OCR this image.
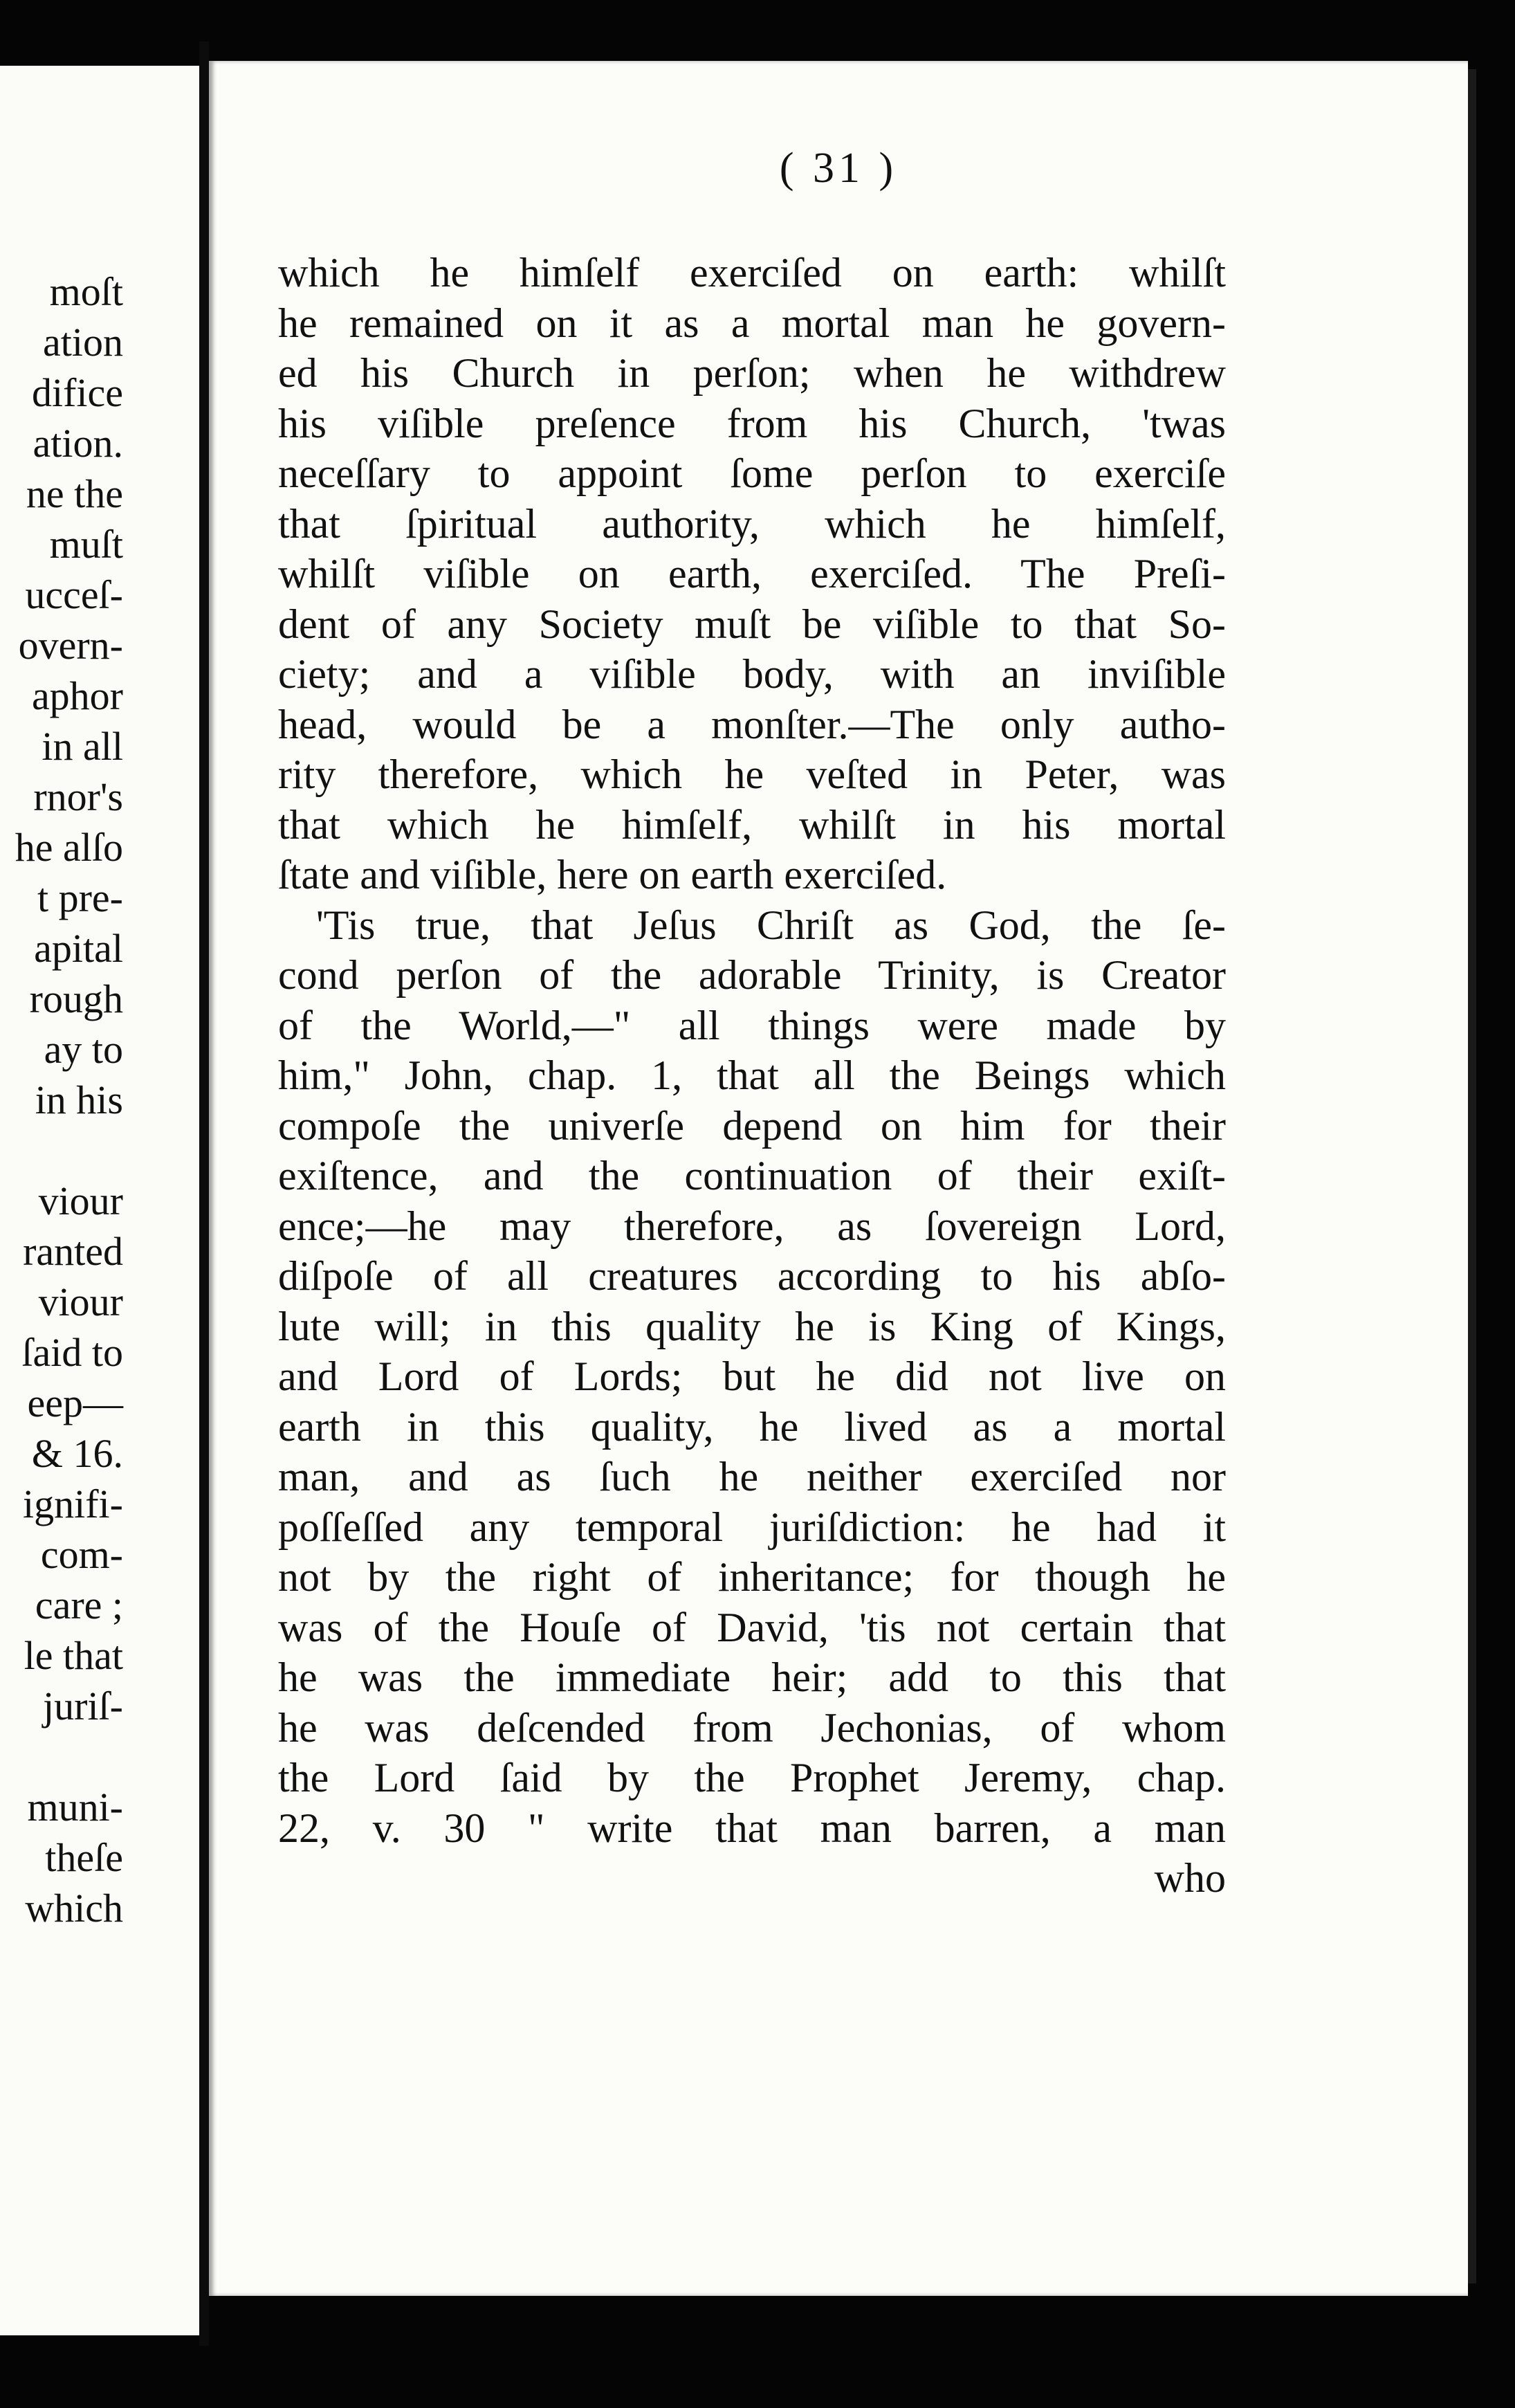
moſt
ation
difice
ation.
ne the
muſt
ucceſ-
overn-
aphor
in all
rnor's
he alſo
t pre-
apital
rough
ay to
in his
viour
ranted
viour
ſaid to
eep—
& 16.
ignifi-
com-
care ;
le that
juriſ-
muni-
theſe
which
( 31 )
which he himſelf exerciſed on earth: whilſt
he remained on it as a mortal man he govern-
ed his Church in perſon; when he withdrew
his viſible preſence from his Church, 'twas
neceſſary to appoint ſome perſon to exerciſe
that ſpiritual authority, which he himſelf,
whilſt viſible on earth, exerciſed. The Preſi-
dent of any Society muſt be viſible to that So-
ciety; and a viſible body, with an inviſible
head, would be a monſter.—The only autho-
rity therefore, which he veſted in Peter, was
that which he himſelf, whilſt in his mortal
ſtate and viſible, here on earth exerciſed.
'Tis true, that Jeſus Chriſt as God, the ſe-
cond perſon of the adorable Trinity, is Creator
of the World,—" all things were made by
him," John, chap. 1, that all the Beings which
compoſe the univerſe depend on him for their
exiſtence, and the continuation of their exiſt-
ence;—he may therefore, as ſovereign Lord,
diſpoſe of all creatures according to his abſo-
lute will; in this quality he is King of Kings,
and Lord of Lords; but he did not live on
earth in this quality, he lived as a mortal
man, and as ſuch he neither exerciſed nor
poſſeſſed any temporal juriſdiction: he had it
not by the right of inheritance; for though he
was of the Houſe of David, 'tis not certain that
he was the immediate heir; add to this that
he was deſcended from Jechonias, of whom
the Lord ſaid by the Prophet Jeremy, chap.
22, v. 30 " write that man barren, a man
who
